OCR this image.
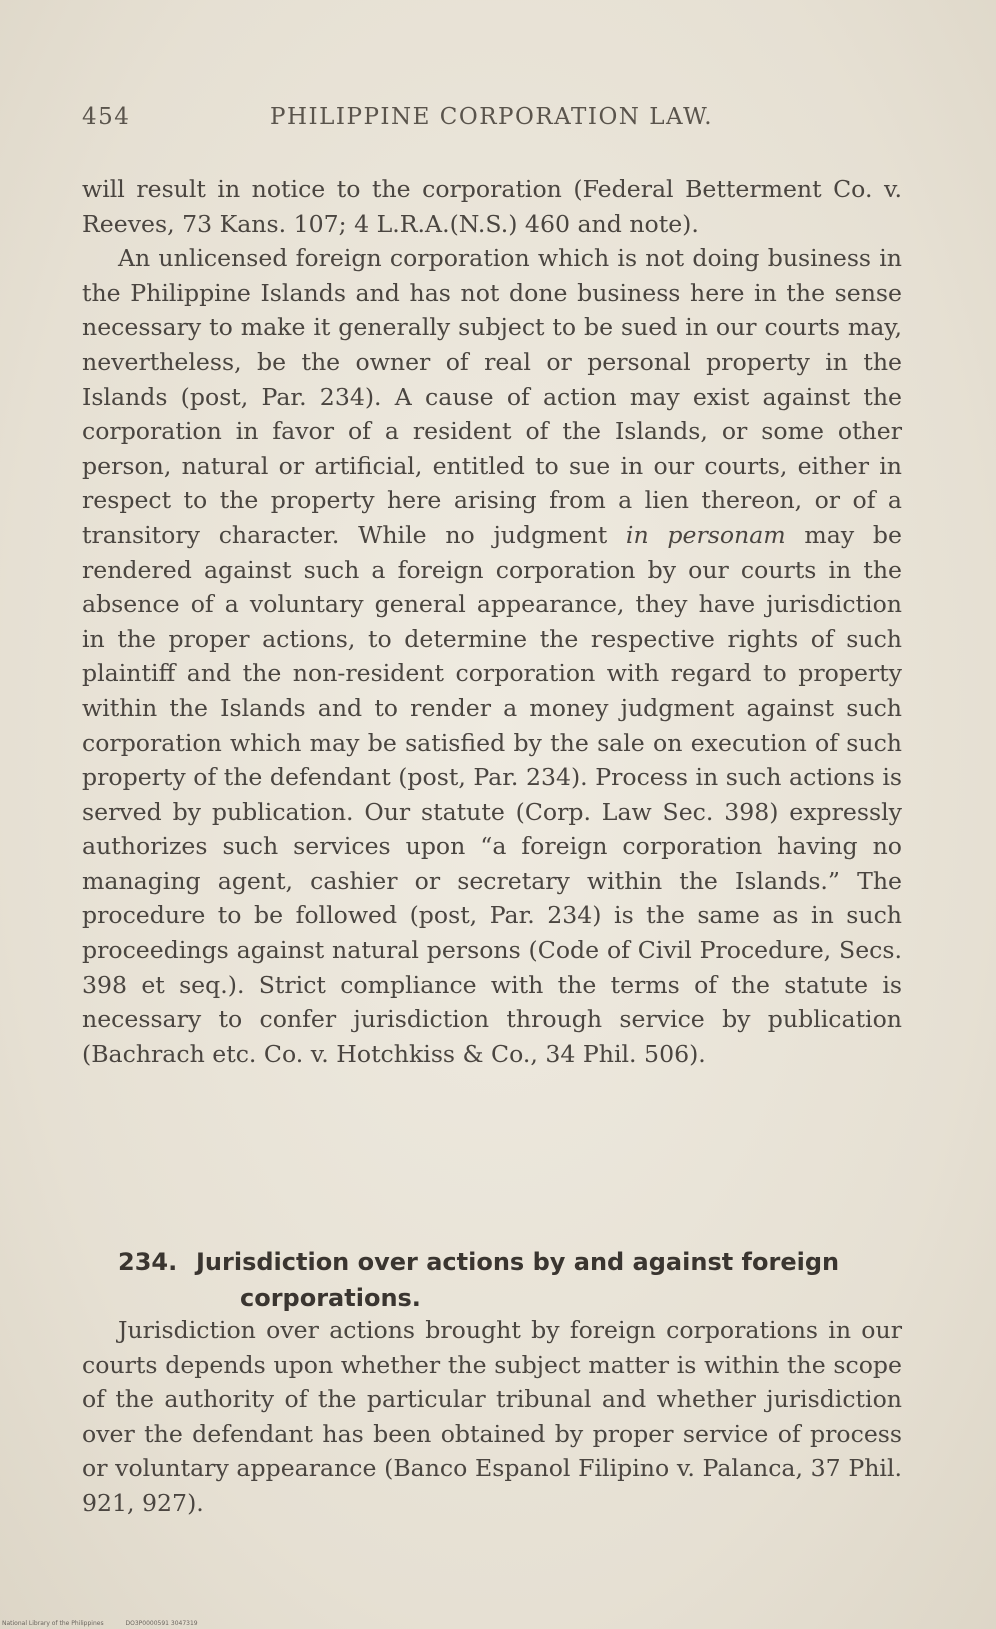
454	PHILIPPINE CORPORATION LAW.

will result in notice to the corporation (Federal Betterment Co. v. Reeves, 73 Kans. 107; 4 L.R.A.(N.S.) 460 and note).

An unlicensed foreign corporation which is not doing business in the Philippine Islands and has not done business here in the sense necessary to make it generally subject to be sued in our courts may, nevertheless, be the owner of real or personal property in the Islands (post, Par. 234). A cause of action may exist against the corporation in favor of a resident of the Islands, or some other person, natural or artificial, entitled to sue in our courts, either in respect to the property here arising from a lien thereon, or of a transitory character. While no judgment in personam may be rendered against such a foreign corporation by our courts in the absence of a voluntary general appearance, they have jurisdiction in the proper actions, to determine the respective rights of such plaintiff and the non-resident corporation with regard to property within the Islands and to render a money judgment against such corporation which may be satisfied by the sale on execution of such property of the defendant (post, Par. 234). Process in such actions is served by publication. Our statute (Corp. Law Sec. 398) expressly authorizes such services upon “a foreign corporation having no managing agent, cashier or secretary within the Islands.” The procedure to be followed (post, Par. 234) is the same as in such proceedings against natural persons (Code of Civil Procedure, Secs. 398 et seq.). Strict compliance with the terms of the statute is necessary to confer jurisdiction through service by publication (Bachrach etc. Co. v. Hotchkiss & Co., 34 Phil. 506).

234. Jurisdiction over actions by and against foreign
corporations.

Jurisdiction over actions brought by foreign corporations in our courts depends upon whether the subject matter is within the scope of the authority of the particular tribunal and whether jurisdiction over the defendant has been obtained by proper service of process or voluntary appearance (Banco Espanol Filipino v. Palanca, 37 Phil. 921, 927).

National Library of the Philippines	DO3P0000591 3047319
